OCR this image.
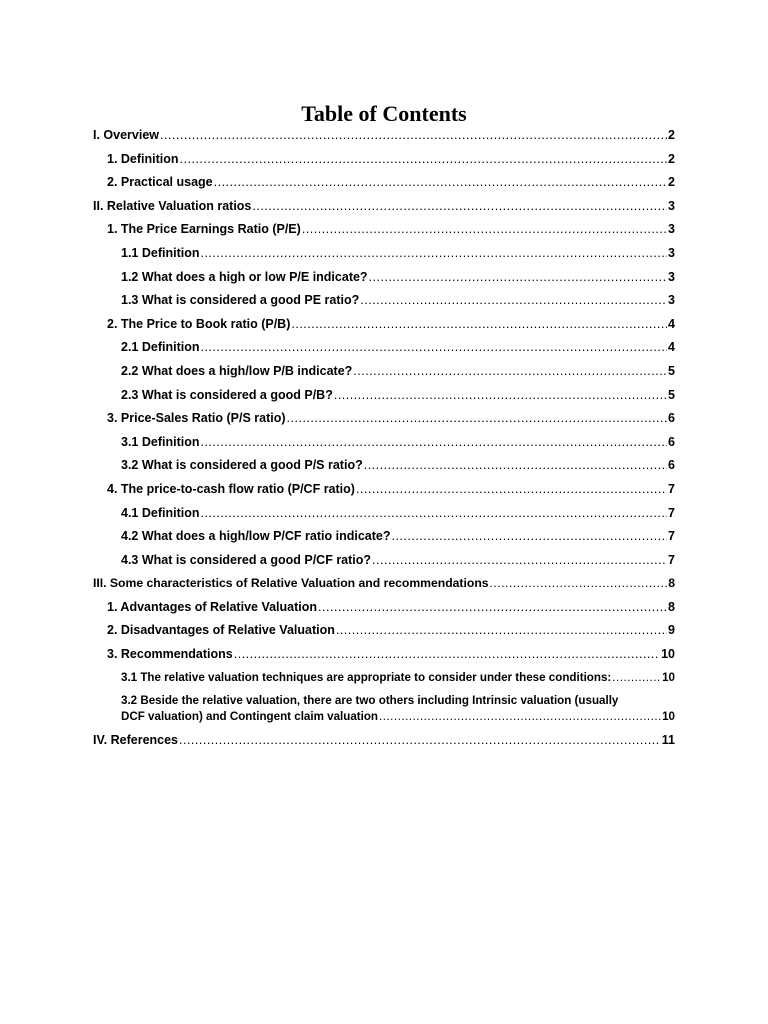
Table of Contents
I. Overview .....	2
1. Definition .....	2
2. Practical usage .....	2
II. Relative Valuation ratios .....	3
1. The Price Earnings Ratio (P/E) .....	3
1.1 Definition .....	3
1.2 What does a high or low P/E indicate? .....	3
1.3 What is considered a good PE ratio? .....	3
2. The Price to Book ratio (P/B) .....	4
2.1 Definition .....	4
2.2 What does a high/low P/B indicate? .....	5
2.3 What is considered a good P/B? .....	5
3. Price-Sales Ratio (P/S ratio) .....	6
3.1 Definition .....	6
3.2 What is considered a good P/S ratio? .....	6
4. The price-to-cash flow ratio (P/CF ratio) .....	7
4.1 Definition .....	7
4.2 What does a high/low P/CF ratio indicate? .....	7
4.3 What is considered a good P/CF ratio? .....	7
III. Some characteristics of Relative Valuation and recommendations .....	8
1. Advantages of Relative Valuation .....	8
2. Disadvantages of Relative Valuation .....	9
3. Recommendations .....	10
3.1 The relative valuation techniques are appropriate to consider under these conditions: .....	10
3.2 Beside the relative valuation, there are two others including Intrinsic valuation (usually
DCF valuation) and Contingent claim valuation .....	10
IV. References .....	11
